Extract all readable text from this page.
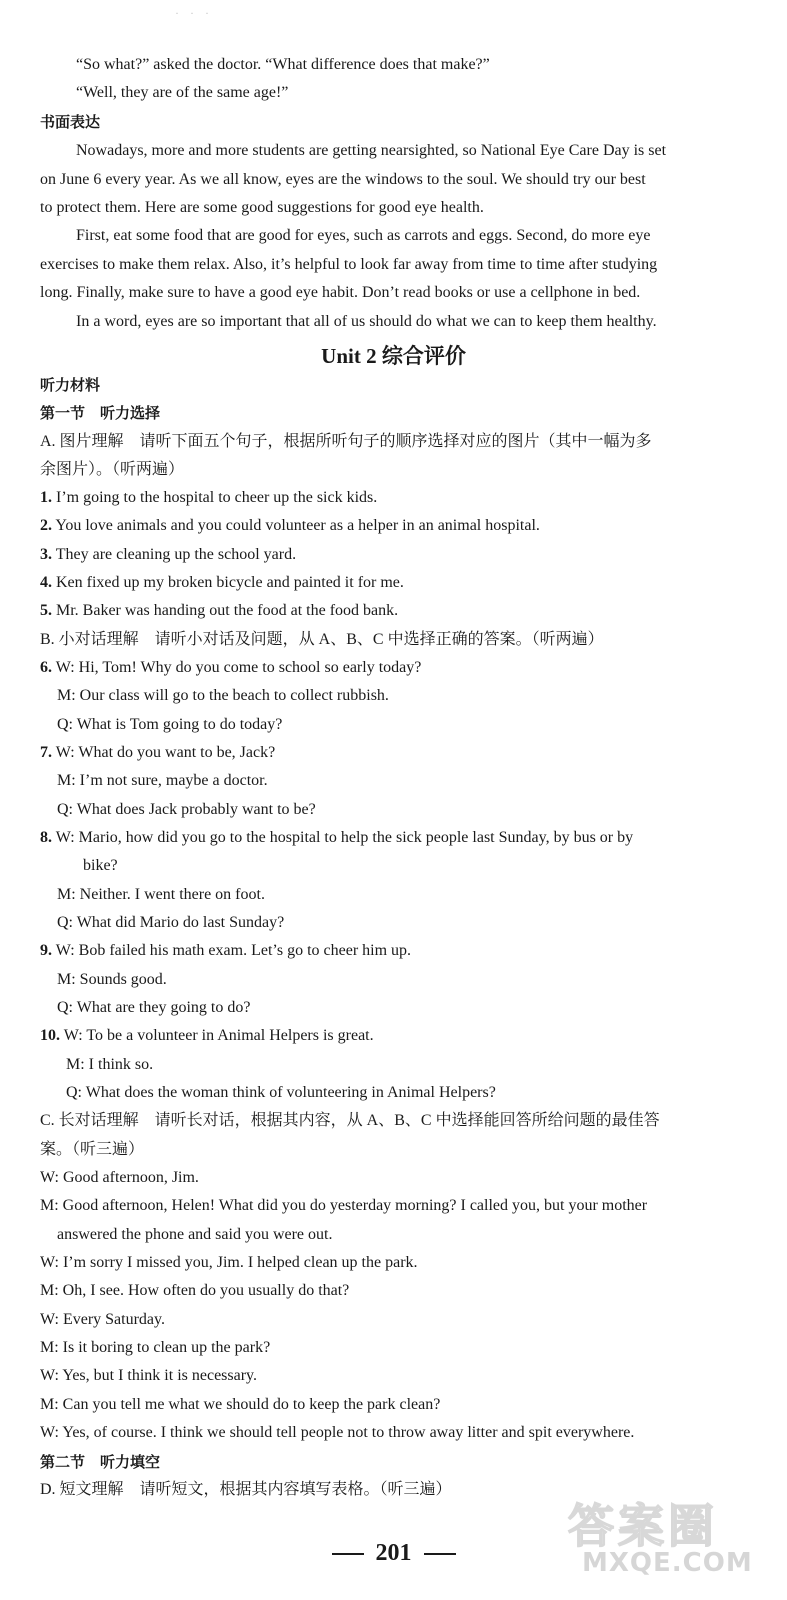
· · ·
“So what?” asked the doctor. “What difference does that make?”
“Well, they are of the same age!”
书面表达
Nowadays, more and more students are getting nearsighted, so National Eye Care Day is set
on June 6 every year. As we all know, eyes are the windows to the soul. We should try our best
to protect them. Here are some good suggestions for good eye health.
First, eat some food that are good for eyes, such as carrots and eggs. Second, do more eye
exercises to make them relax. Also, it’s helpful to look far away from time to time after studying
long. Finally, make sure to have a good eye habit. Don’t read books or use a cellphone in bed.
In a word, eyes are so important that all of us should do what we can to keep them healthy.
Unit 2 综合评价
听力材料
第一节　听力选择
A. 图片理解　请听下面五个句子，根据所听句子的顺序选择对应的图片（其中一幅为多
余图片）。（听两遍）
1. I’m going to the hospital to cheer up the sick kids.
2. You love animals and you could volunteer as a helper in an animal hospital.
3. They are cleaning up the school yard.
4. Ken fixed up my broken bicycle and painted it for me.
5. Mr. Baker was handing out the food at the food bank.
B. 小对话理解　请听小对话及问题，从 A、B、C 中选择正确的答案。（听两遍）
6. W: Hi, Tom! Why do you come to school so early today?
M: Our class will go to the beach to collect rubbish.
Q: What is Tom going to do today?
7. W: What do you want to be, Jack?
M: I’m not sure, maybe a doctor.
Q: What does Jack probably want to be?
8. W: Mario, how did you go to the hospital to help the sick people last Sunday, by bus or by
bike?
M: Neither. I went there on foot.
Q: What did Mario do last Sunday?
9. W: Bob failed his math exam. Let’s go to cheer him up.
M: Sounds good.
Q: What are they going to do?
10. W: To be a volunteer in Animal Helpers is great.
M: I think so.
Q: What does the woman think of volunteering in Animal Helpers?
C. 长对话理解　请听长对话，根据其内容，从 A、B、C 中选择能回答所给问题的最佳答
案。（听三遍）
W: Good afternoon, Jim.
M: Good afternoon, Helen! What did you do yesterday morning? I called you, but your mother
answered the phone and said you were out.
W: I’m sorry I missed you, Jim. I helped clean up the park.
M: Oh, I see. How often do you usually do that?
W: Every Saturday.
M: Is it boring to clean up the park?
W: Yes, but I think it is necessary.
M: Can you tell me what we should do to keep the park clean?
W: Yes, of course. I think we should tell people not to throw away litter and spit everywhere.
第二节　听力填空
D. 短文理解　请听短文，根据其内容填写表格。（听三遍）
201	答案圈
MXQE.COM
